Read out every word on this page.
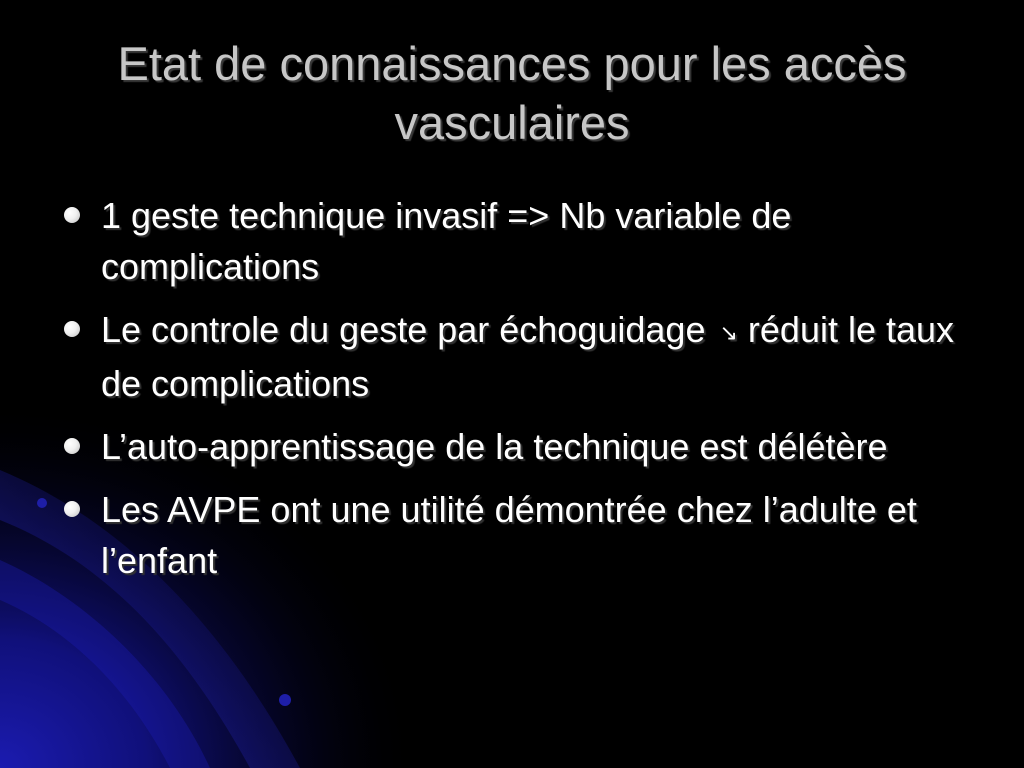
Etat de connaissances pour les accès vasculaires
1 geste technique invasif => Nb variable de complications
Le controle du geste par échoguidage ↘ réduit le taux de complications
L’auto-apprentissage de la technique est délétère
Les AVPE ont une utilité démontrée chez l’adulte et l’enfant
